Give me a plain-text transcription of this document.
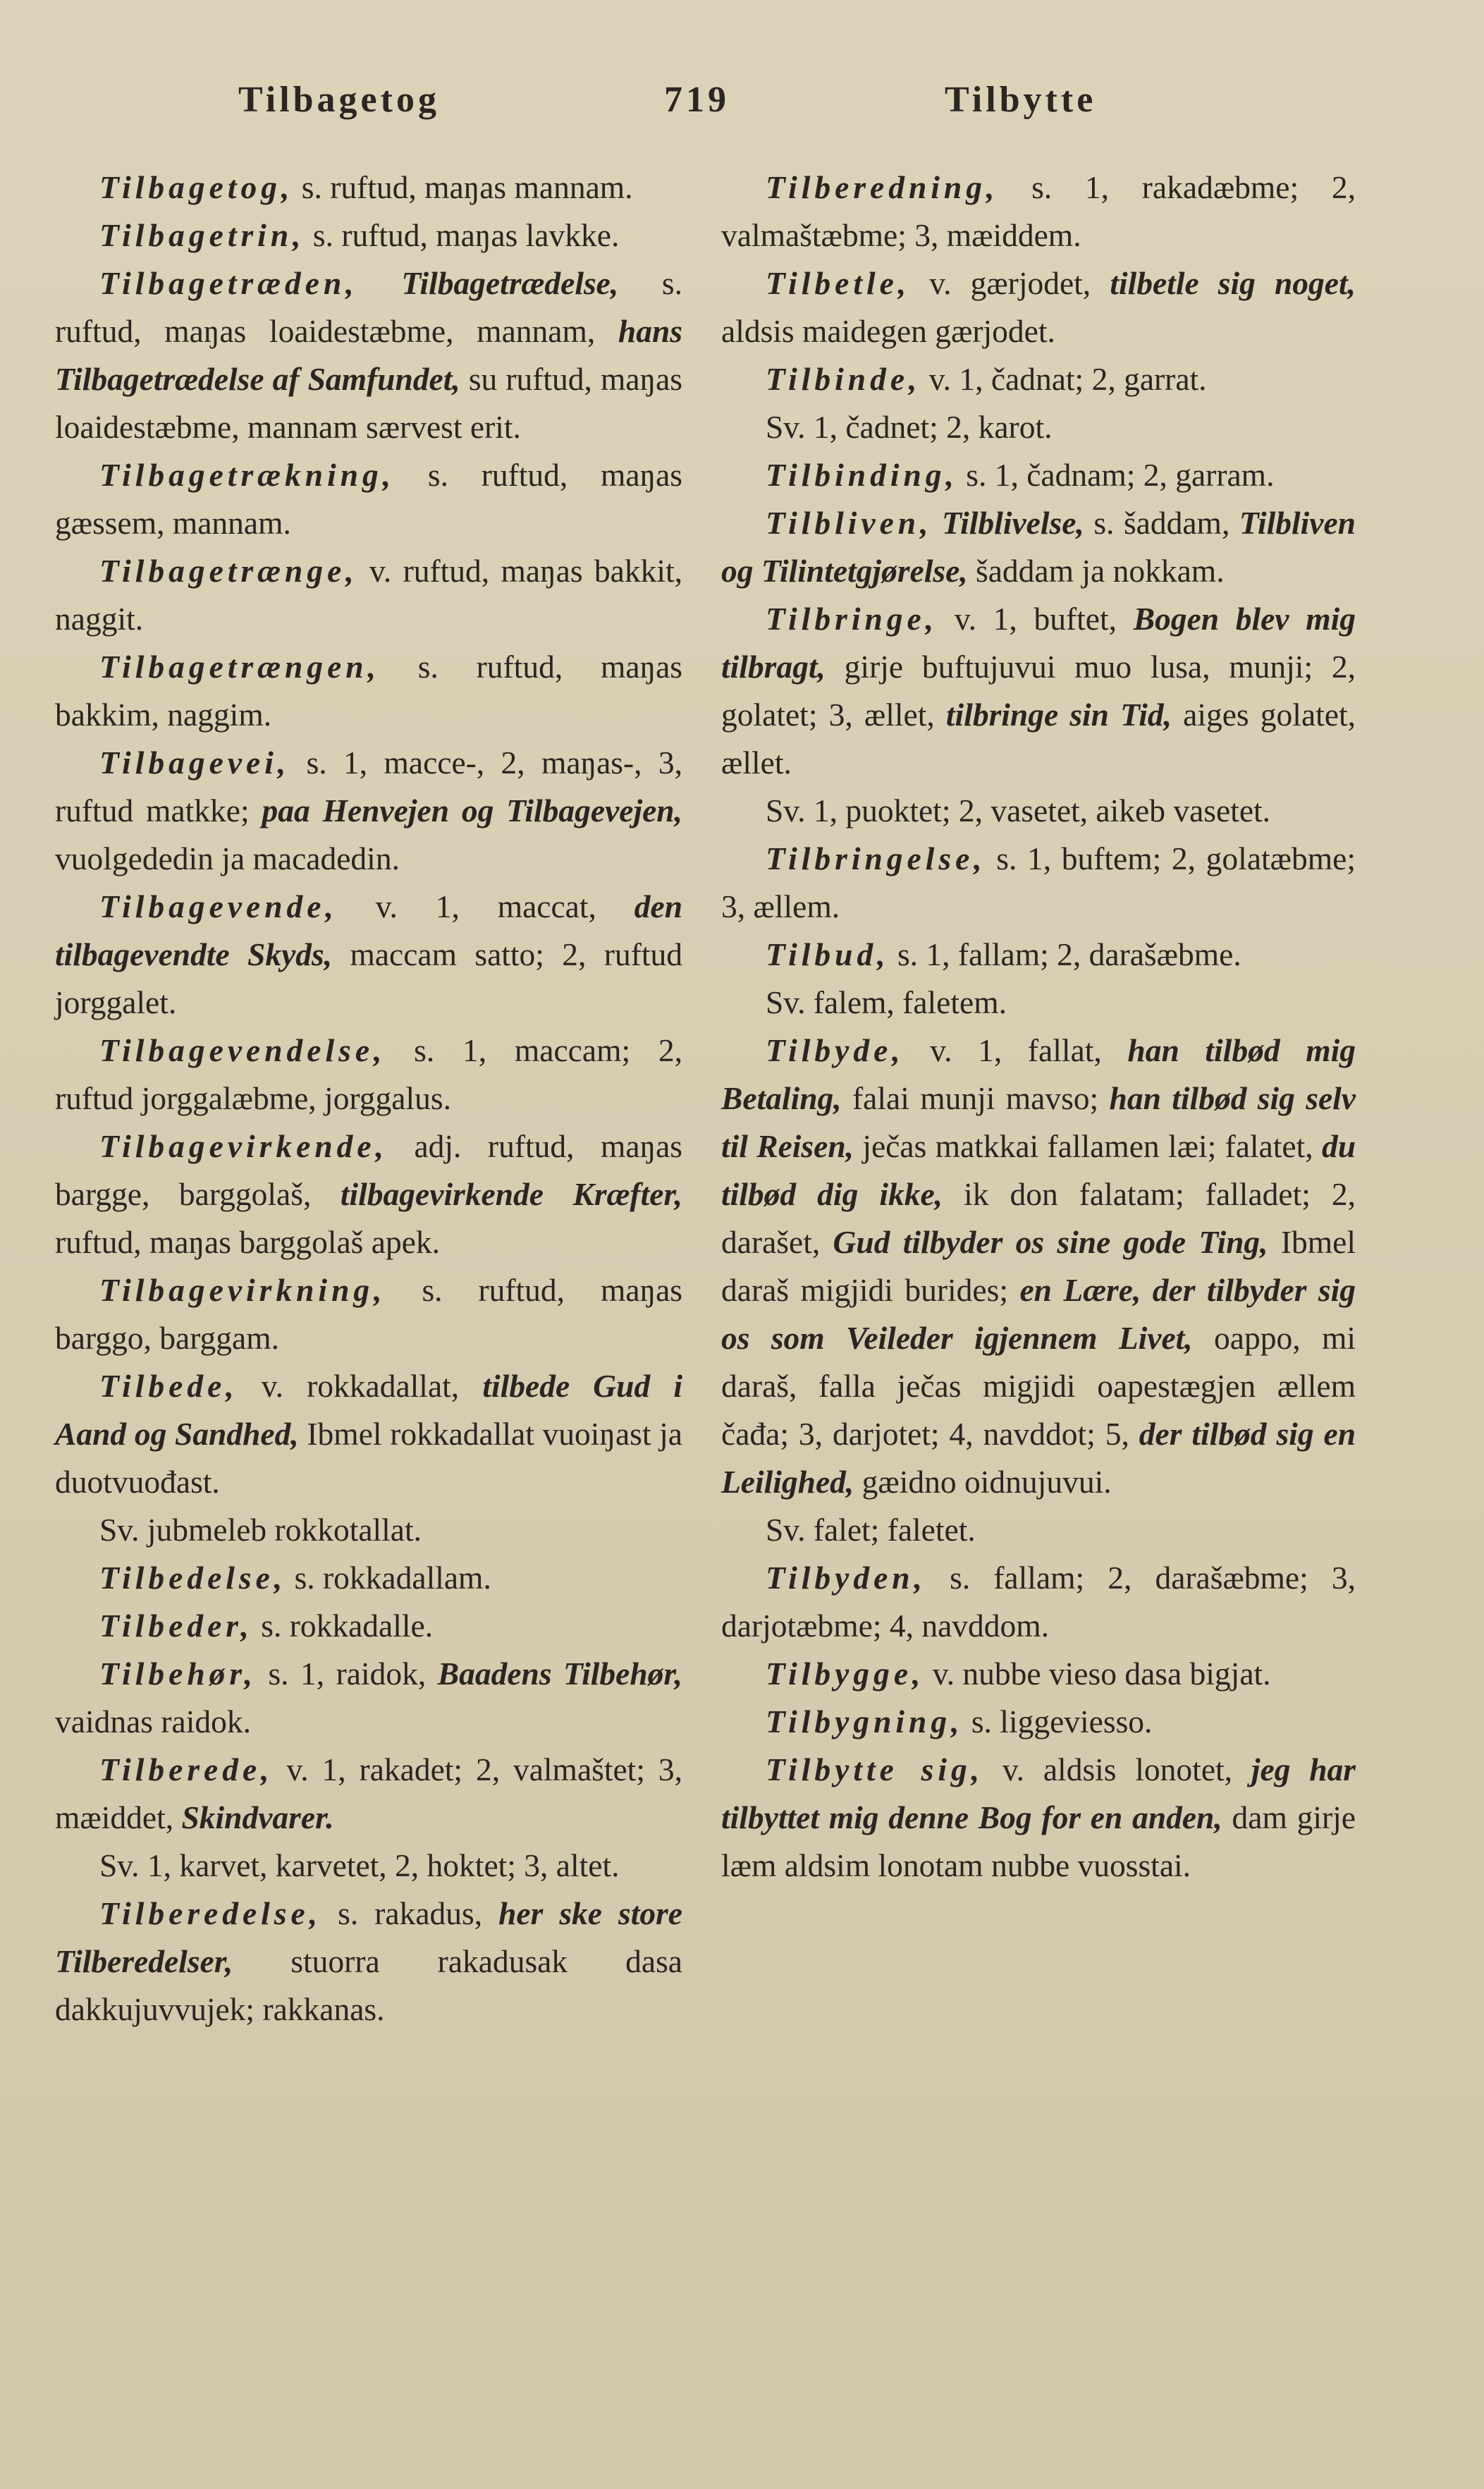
Tilbagetog	719	Tilbytte

Tilbagetog, s. ruftud, maŋas mannam.

Tilbagetrin, s. ruftud, maŋas lavkke.

Tilbagetræden, Tilbagetrædelse, s. ruftud, maŋas loaidestæbme, mannam, hans Tilbagetrædelse af Samfundet, su ruftud, maŋas loaidestæbme, mannam særvest erit.

Tilbagetrækning, s. ruftud, maŋas gæssem, mannam.

Tilbagetrænge, v. ruftud, maŋas bakkit, naggit.

Tilbagetrængen, s. ruftud, maŋas bakkim, naggim.

Tilbagevei, s. 1, macce-, 2, maŋas-, 3, ruftud matkke; paa Henvejen og Tilbagevejen, vuolgededin ja macadedin.

Tilbagevende, v. 1, maccat, den tilbagevendte Skyds, maccam satto; 2, ruftud jorggalet.

Tilbagevendelse, s. 1, maccam; 2, ruftud jorggalæbme, jorggalus.

Tilbagevirkende, adj. ruftud, maŋas bargge, barggolaš, tilbagevirkende Kræfter, ruftud, maŋas barggolaš apek.

Tilbagevirkning, s. ruftud, maŋas barggo, barggam.

Tilbede, v. rokkadallat, tilbede Gud i Aand og Sandhed, Ibmel rokkadallat vuoiŋast ja duotvuođast.

Sv. jubmeleb rokkotallat.

Tilbedelse, s. rokkadallam.

Tilbeder, s. rokkadalle.

Tilbehør, s. 1, raidok, Baadens Tilbehør, vaidnas raidok.

Tilberede, v. 1, rakadet; 2, valmaštet; 3, mæiddet, Skindvarer.

Sv. 1, karvet, karvetet, 2, hoktet; 3, altet.

Tilberedelse, s. rakadus, her ske store Tilberedelser, stuorra rakadusak dasa dakkujuvvujek; rakkanas.

Tilberedning, s. 1, rakadæbme; 2, valmaštæbme; 3, mæiddem.

Tilbetle, v. gærjodet, tilbetle sig noget, aldsis maidegen gærjodet.

Tilbinde, v. 1, čadnat; 2, garrat.

Sv. 1, čadnet; 2, karot.

Tilbinding, s. 1, čadnam; 2, garram.

Tilbliven, Tilblivelse, s. šaddam, Tilbliven og Tilintetgjørelse, šaddam ja nokkam.

Tilbringe, v. 1, buftet, Bogen blev mig tilbragt, girje buftujuvui muo lusa, munji; 2, golatet; 3, ællet, tilbringe sin Tid, aiges golatet, ællet.

Sv. 1, puoktet; 2, vasetet, aikeb vasetet.

Tilbringelse, s. 1, buftem; 2, golatæbme; 3, ællem.

Tilbud, s. 1, fallam; 2, darašæbme.

Sv. falem, faletem.

Tilbyde, v. 1, fallat, han tilbød mig Betaling, falai munji mavso; han tilbød sig selv til Reisen, ječas matkkai fallamen læi; falatet, du tilbød dig ikke, ik don falatam; falladet; 2, darašet, Gud tilbyder os sine gode Ting, Ibmel daraš migjidi burides; en Lære, der tilbyder sig os som Veileder igjennem Livet, oappo, mi daraš, falla ječas migjidi oapestægjen ællem čađa; 3, darjotet; 4, navddot; 5, der tilbød sig en Leilighed, gæidno oidnujuvui.

Sv. falet; faletet.

Tilbyden, s. fallam; 2, darašæbme; 3, darjotæbme; 4, navddom.

Tilbygge, v. nubbe vieso dasa bigjat.

Tilbygning, s. liggeviesso.

Tilbytte sig, v. aldsis lonotet, jeg har tilbyttet mig denne Bog for en anden, dam girje læm aldsim lonotam nubbe vuosstai.
